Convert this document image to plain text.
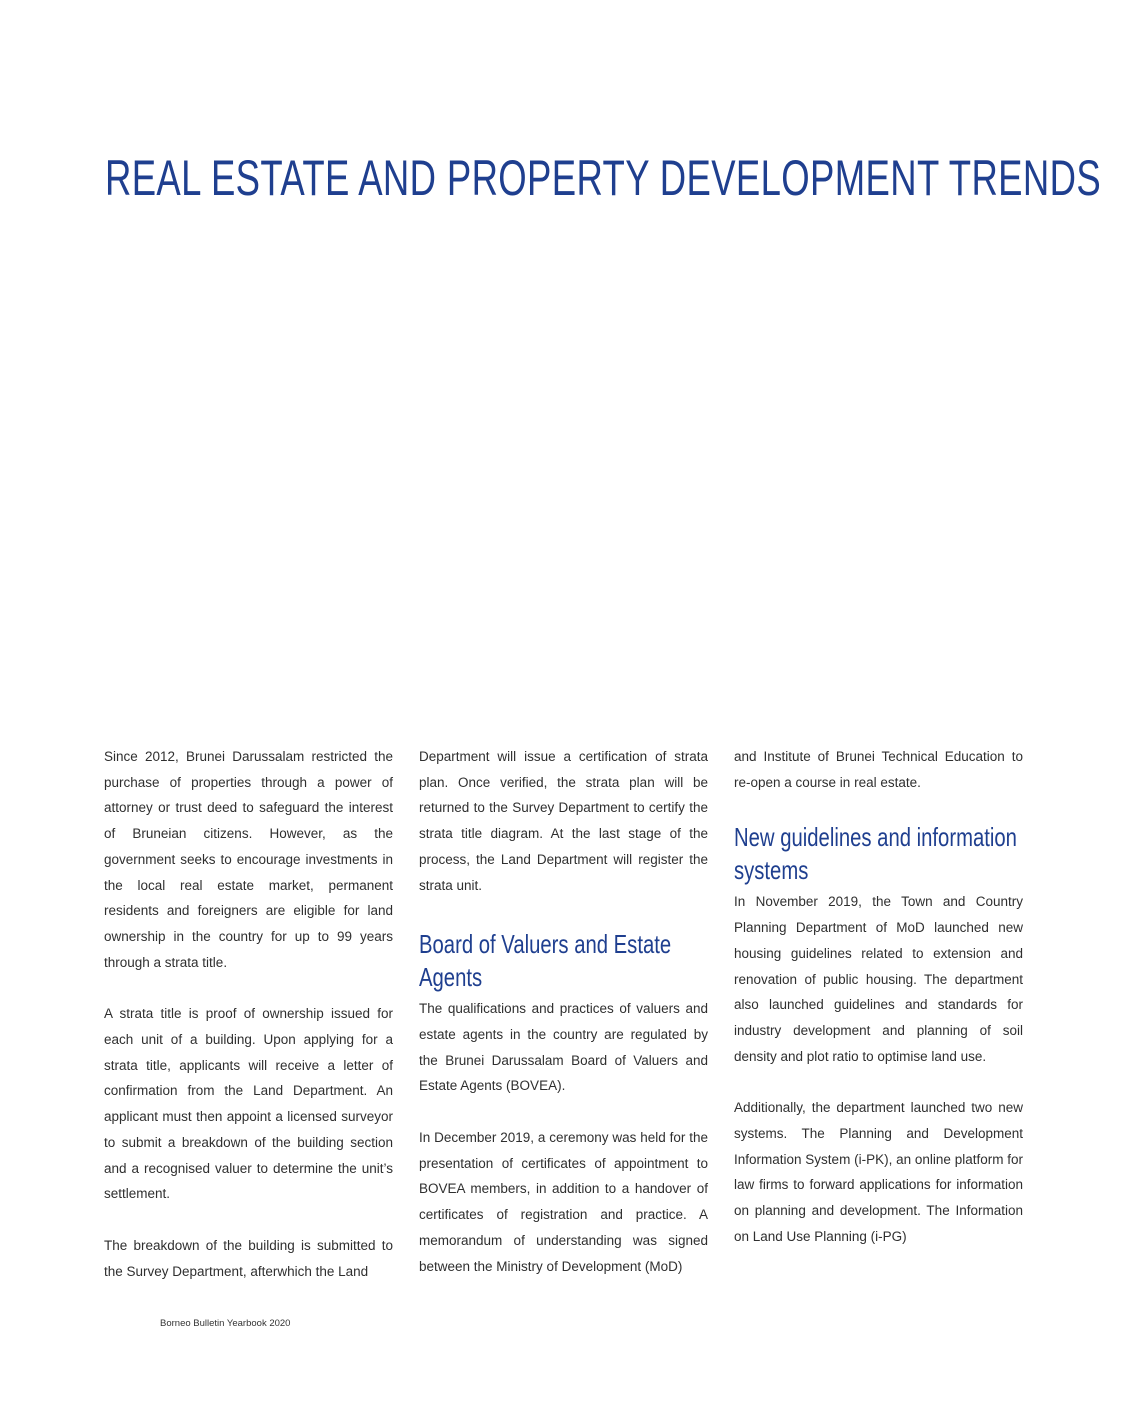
REAL ESTATE AND PROPERTY DEVELOPMENT TRENDS

Since 2012, Brunei Darussalam restricted the purchase of properties through a power of attorney or trust deed to safeguard the interest of Bruneian citizens. However, as the government seeks to encourage investments in the local real estate market, permanent residents and foreigners are eligible for land ownership in the country for up to 99 years through a strata title.

A strata title is proof of ownership issued for each unit of a building. Upon applying for a strata title, applicants will receive a letter of confirmation from the Land Department. An applicant must then appoint a licensed surveyor to submit a breakdown of the building section and a recognised valuer to determine the unit’s settlement.

The breakdown of the building is submitted to the Survey Department, afterwhich the Land

Department will issue a certification of strata plan. Once verified, the strata plan will be returned to the Survey Department to certify the strata title diagram. At the last stage of the process, the Land Department will register the strata unit.

Board of Valuers and Estate Agents

The qualifications and practices of valuers and estate agents in the country are regulated by the Brunei Darussalam Board of Valuers and Estate Agents (BOVEA).

In December 2019, a ceremony was held for the presentation of certificates of appointment to BOVEA members, in addition to a handover of certificates of registration and practice. A memorandum of understanding was signed between the Ministry of Development (MoD)

and Institute of Brunei Technical Education to re-open a course in real estate.

New guidelines and information systems

In November 2019, the Town and Country Planning Department of MoD launched new housing guidelines related to extension and renovation of public housing. The department also launched guidelines and standards for industry development and planning of soil density and plot ratio to optimise land use.

Additionally, the department launched two new systems. The Planning and Development Information System (i-PK), an online platform for law firms to forward applications for information on planning and development. The Information on Land Use Planning (i-PG)

Borneo Bulletin Yearbook 2020
